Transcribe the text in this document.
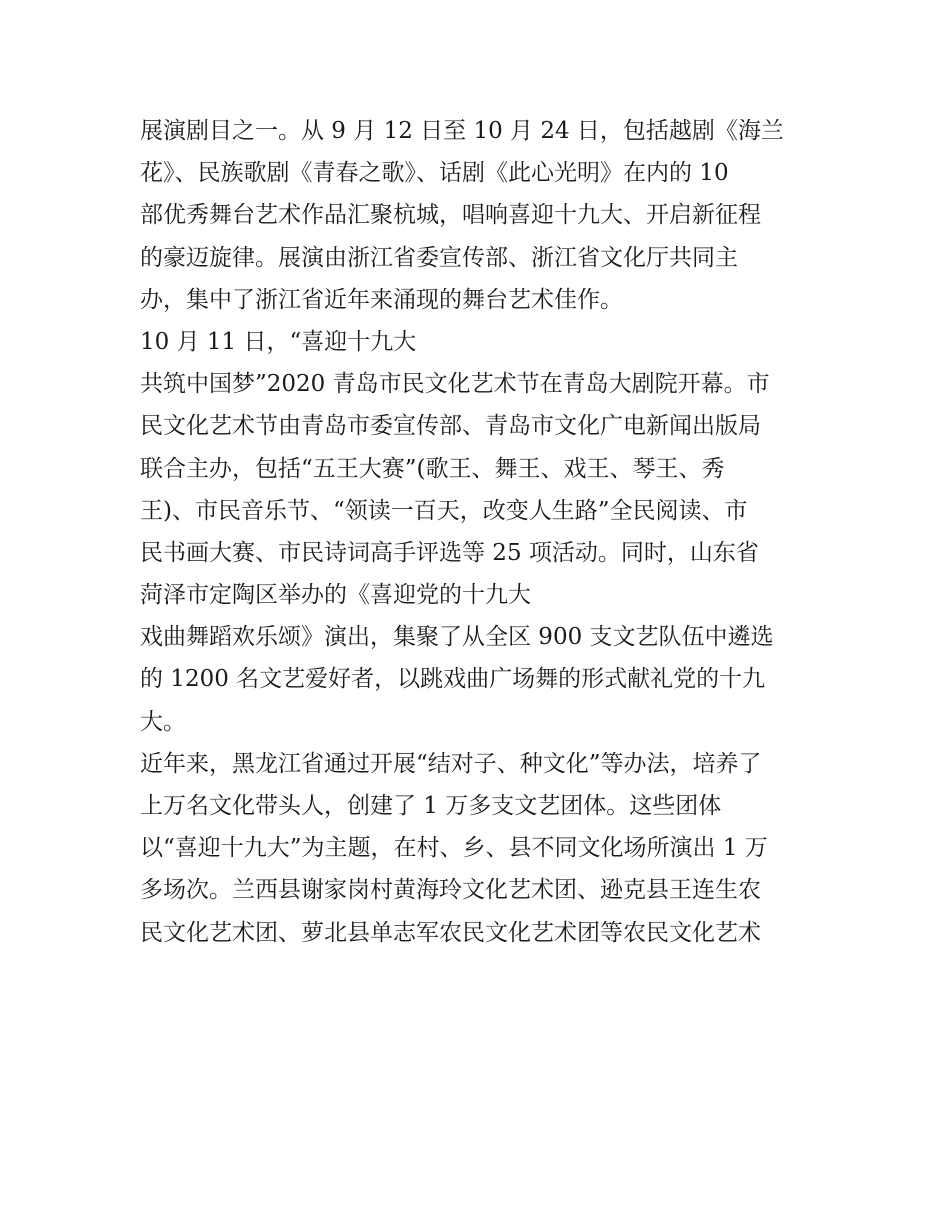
展演剧目之一。从 9 月 12 日至 10 月 24 日，包括越剧《海兰
花》、民族歌剧《青春之歌》、话剧《此心光明》在内的 10
部优秀舞台艺术作品汇聚杭城，唱响喜迎十九大、开启新征程
的豪迈旋律。展演由浙江省委宣传部、浙江省文化厅共同主
办，集中了浙江省近年来涌现的舞台艺术佳作。
10 月 11 日，“喜迎十九大
共筑中国梦”2020 青岛市民文化艺术节在青岛大剧院开幕。市
民文化艺术节由青岛市委宣传部、青岛市文化广电新闻出版局
联合主办，包括“五王大赛”(歌王、舞王、戏王、琴王、秀
王)、市民音乐节、“领读一百天，改变人生路”全民阅读、市
民书画大赛、市民诗词高手评选等 25 项活动。同时，山东省
菏泽市定陶区举办的《喜迎党的十九大
戏曲舞蹈欢乐颂》演出，集聚了从全区 900 支文艺队伍中遴选
的 1200 名文艺爱好者，以跳戏曲广场舞的形式献礼党的十九
大。
近年来，黑龙江省通过开展“结对子、种文化”等办法，培养了
上万名文化带头人，创建了 1 万多支文艺团体。这些团体
以“喜迎十九大”为主题，在村、乡、县不同文化场所演出 1 万
多场次。兰西县谢家岗村黄海玲文化艺术团、逊克县王连生农
民文化艺术团、萝北县单志军农民文化艺术团等农民文化艺术
